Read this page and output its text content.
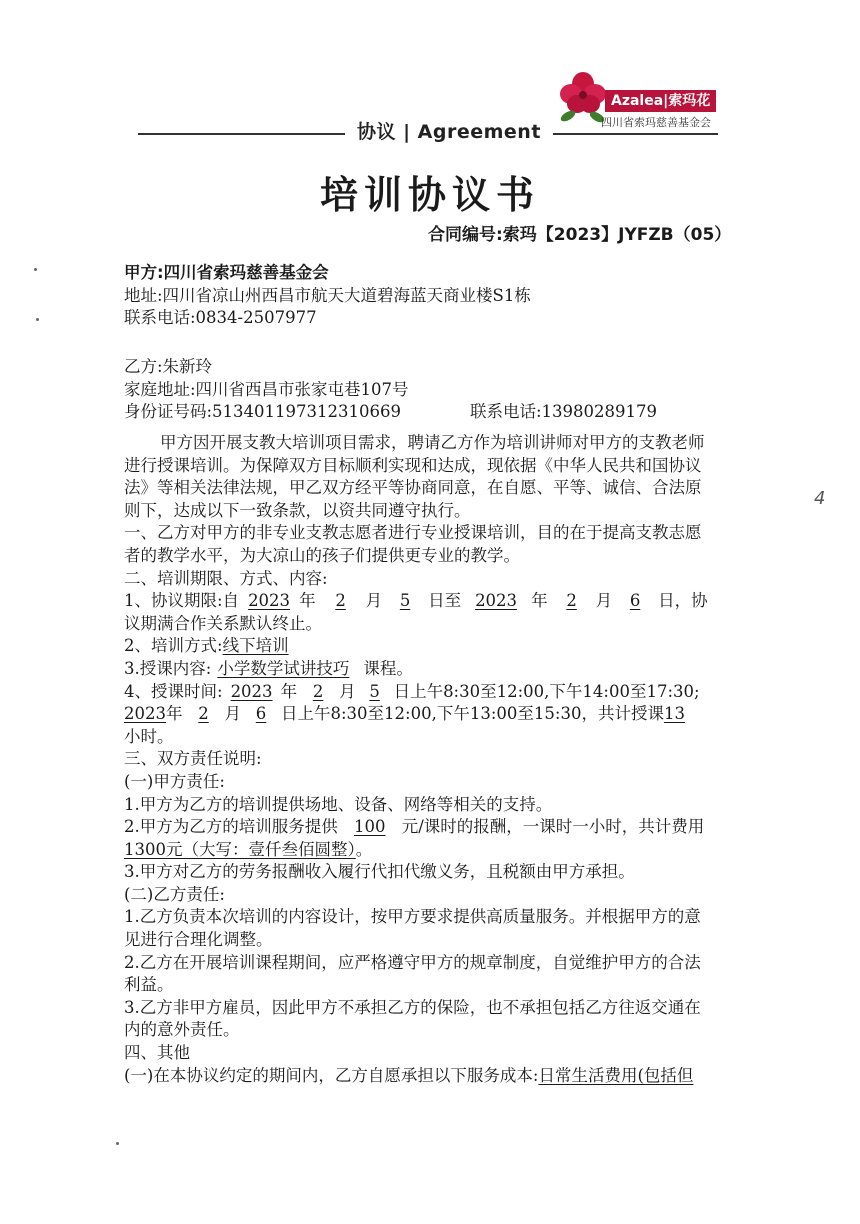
协议 | Agreement
Azalea|索玛花
四川省索玛慈善基金会
培训协议书
合同编号:索玛【2023】JYFZB（05）
甲方:四川省索玛慈善基金会
地址:四川省凉山州西昌市航天大道碧海蓝天商业楼S1栋
联系电话:0834-2507977
乙方:朱新玲
家庭地址:四川省西昌市张家屯巷107号
身份证号码:513401197312310669	联系电话:13980289179
甲方因开展支教大培训项目需求，聘请乙方作为培训讲师对甲方的支教老师
进行授课培训。为保障双方目标顺利实现和达成，现依据《中华人民共和国协议
法》等相关法律法规，甲乙双方经平等协商同意，在自愿、平等、诚信、合法原
则下，达成以下一致条款，以资共同遵守执行。
一、乙方对甲方的非专业支教志愿者进行专业授课培训，目的在于提高支教志愿
者的教学水平，为大凉山的孩子们提供更专业的教学。
二、培训期限、方式、内容:
1、协议期限:自 2023 年 2 月 5 日至 2023 年 2 月 6 日，协
议期满合作关系默认终止。
2、培训方式:线下培训
3.授课内容: 小学数学试讲技巧 课程。
4、授课时间: 2023 年 2 月 5 日上午8:30至12:00,下午14:00至17:30;
2023年 2 月 6 日上午8:30至12:00,下午13:00至15:30，共计授课13
小时。
三、双方责任说明:
(一)甲方责任:
1.甲方为乙方的培训提供场地、设备、网络等相关的支持。
2.甲方为乙方的培训服务提供 100 元/课时的报酬，一课时一小时，共计费用
1300元（大写：壹仟叁佰圆整）。
3.甲方对乙方的劳务报酬收入履行代扣代缴义务，且税额由甲方承担。
(二)乙方责任:
1.乙方负责本次培训的内容设计，按甲方要求提供高质量服务。并根据甲方的意
见进行合理化调整。
2.乙方在开展培训课程期间，应严格遵守甲方的规章制度，自觉维护甲方的合法
利益。
3.乙方非甲方雇员，因此甲方不承担乙方的保险，也不承担包括乙方往返交通在
内的意外责任。
四、其他
(一)在本协议约定的期间内，乙方自愿承担以下服务成本:日常生活费用(包括但
4
